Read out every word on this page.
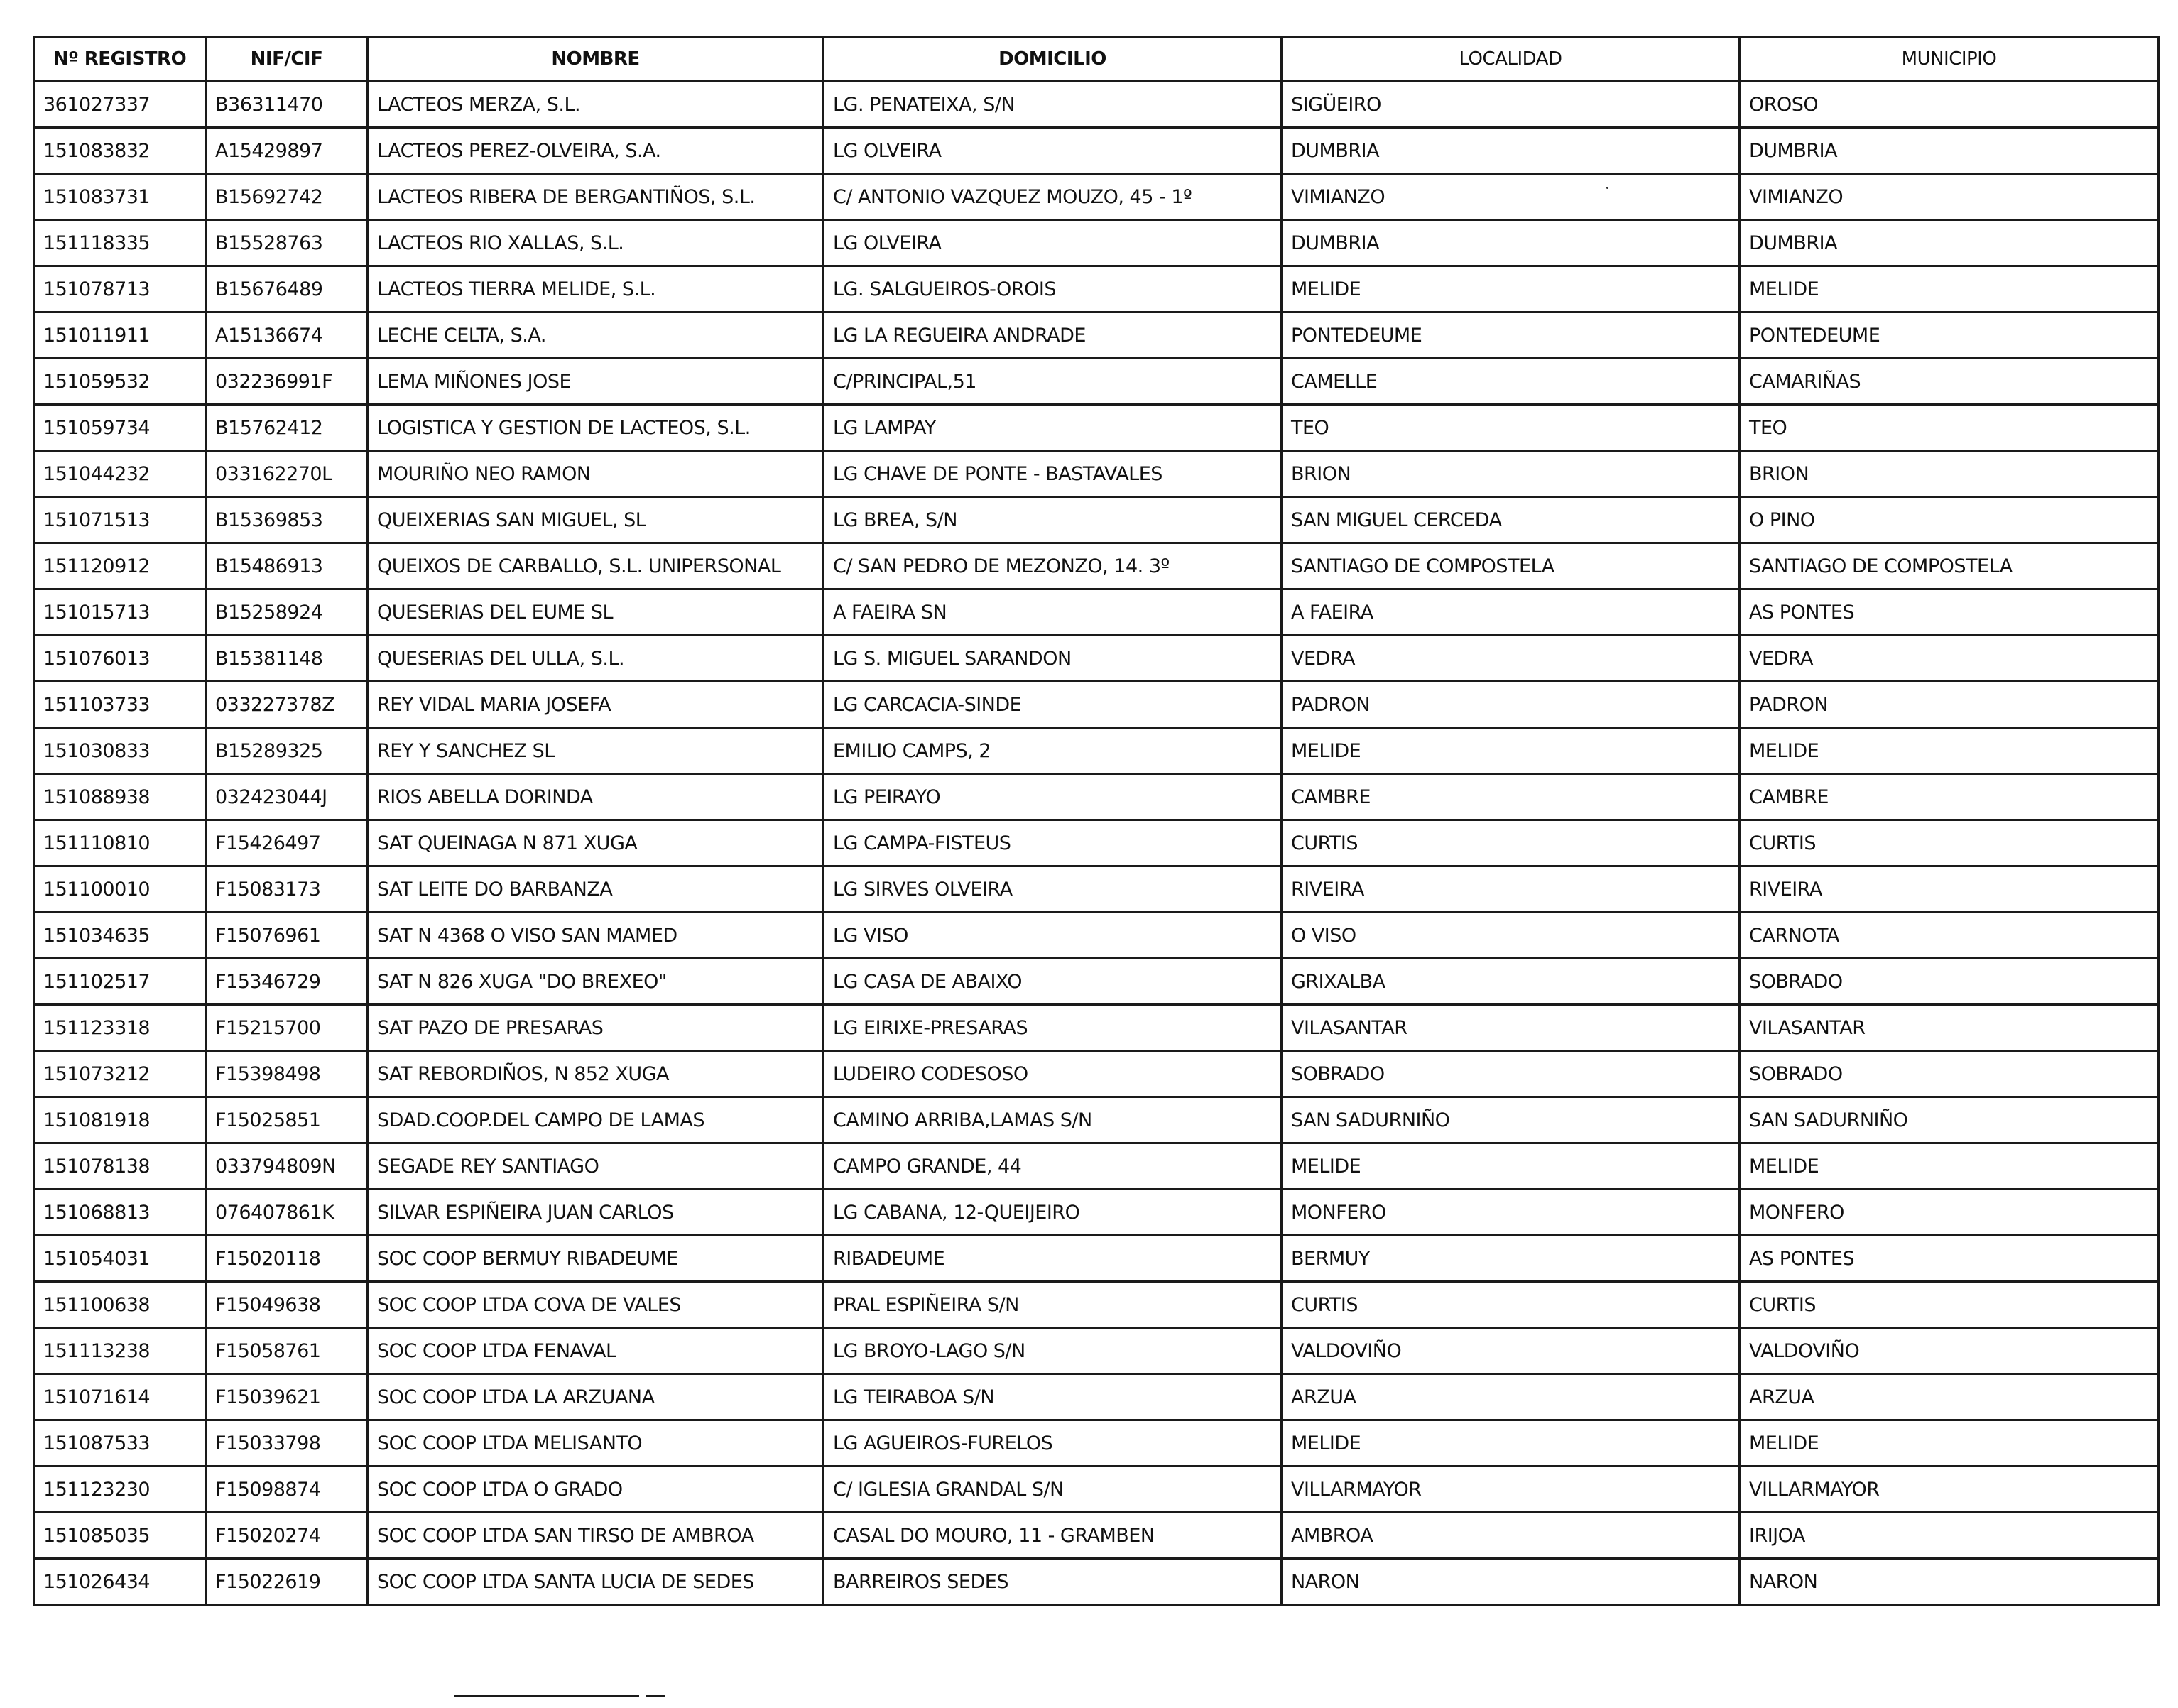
Nº REGISTRO	NIF/CIF	NOMBRE	DOMICILIO	LOCALIDAD	MUNICIPIO
361027337	B36311470	LACTEOS MERZA, S.L.	LG. PENATEIXA, S/N	SIGÜEIRO	OROSO
151083832	A15429897	LACTEOS PEREZ-OLVEIRA, S.A.	LG OLVEIRA	DUMBRIA	DUMBRIA
151083731	B15692742	LACTEOS RIBERA DE BERGANTIÑOS, S.L.	C/ ANTONIO VAZQUEZ MOUZO, 45 - 1º	VIMIANZO	VIMIANZO
151118335	B15528763	LACTEOS RIO XALLAS, S.L.	LG OLVEIRA	DUMBRIA	DUMBRIA
151078713	B15676489	LACTEOS TIERRA MELIDE, S.L.	LG. SALGUEIROS-OROIS	MELIDE	MELIDE
151011911	A15136674	LECHE CELTA, S.A.	LG LA REGUEIRA ANDRADE	PONTEDEUME	PONTEDEUME
151059532	032236991F	LEMA MIÑONES JOSE	C/PRINCIPAL,51	CAMELLE	CAMARIÑAS
151059734	B15762412	LOGISTICA Y GESTION DE LACTEOS, S.L.	LG LAMPAY	TEO	TEO
151044232	033162270L	MOURIÑO NEO RAMON	LG CHAVE DE PONTE - BASTAVALES	BRION	BRION
151071513	B15369853	QUEIXERIAS SAN MIGUEL, SL	LG BREA, S/N	SAN MIGUEL CERCEDA	O PINO
151120912	B15486913	QUEIXOS DE CARBALLO, S.L. UNIPERSONAL	C/ SAN PEDRO DE MEZONZO, 14. 3º	SANTIAGO DE COMPOSTELA	SANTIAGO DE COMPOSTELA
151015713	B15258924	QUESERIAS DEL EUME SL	A FAEIRA SN	A FAEIRA	AS PONTES
151076013	B15381148	QUESERIAS DEL ULLA, S.L.	LG S. MIGUEL SARANDON	VEDRA	VEDRA
151103733	033227378Z	REY VIDAL MARIA JOSEFA	LG CARCACIA-SINDE	PADRON	PADRON
151030833	B15289325	REY Y SANCHEZ SL	EMILIO CAMPS, 2	MELIDE	MELIDE
151088938	032423044J	RIOS ABELLA DORINDA	LG PEIRAYO	CAMBRE	CAMBRE
151110810	F15426497	SAT QUEINAGA N 871 XUGA	LG CAMPA-FISTEUS	CURTIS	CURTIS
151100010	F15083173	SAT LEITE DO BARBANZA	LG SIRVES OLVEIRA	RIVEIRA	RIVEIRA
151034635	F15076961	SAT N 4368 O VISO SAN MAMED	LG VISO	O VISO	CARNOTA
151102517	F15346729	SAT N 826 XUGA "DO BREXEO"	LG CASA DE ABAIXO	GRIXALBA	SOBRADO
151123318	F15215700	SAT PAZO DE PRESARAS	LG EIRIXE-PRESARAS	VILASANTAR	VILASANTAR
151073212	F15398498	SAT REBORDIÑOS, N 852 XUGA	LUDEIRO CODESOSO	SOBRADO	SOBRADO
151081918	F15025851	SDAD.COOP.DEL CAMPO DE LAMAS	CAMINO ARRIBA,LAMAS S/N	SAN SADURNIÑO	SAN SADURNIÑO
151078138	033794809N	SEGADE REY SANTIAGO	CAMPO GRANDE, 44	MELIDE	MELIDE
151068813	076407861K	SILVAR ESPIÑEIRA JUAN CARLOS	LG CABANA, 12-QUEIJEIRO	MONFERO	MONFERO
151054031	F15020118	SOC COOP BERMUY RIBADEUME	RIBADEUME	BERMUY	AS PONTES
151100638	F15049638	SOC COOP LTDA COVA DE VALES	PRAL ESPIÑEIRA S/N	CURTIS	CURTIS
151113238	F15058761	SOC COOP LTDA FENAVAL	LG BROYO-LAGO S/N	VALDOVIÑO	VALDOVIÑO
151071614	F15039621	SOC COOP LTDA LA ARZUANA	LG TEIRABOA S/N	ARZUA	ARZUA
151087533	F15033798	SOC COOP LTDA MELISANTO	LG AGUEIROS-FURELOS	MELIDE	MELIDE
151123230	F15098874	SOC COOP LTDA O GRADO	C/ IGLESIA GRANDAL S/N	VILLARMAYOR	VILLARMAYOR
151085035	F15020274	SOC COOP LTDA SAN TIRSO DE AMBROA	CASAL DO MOURO, 11 - GRAMBEN	AMBROA	IRIJOA
151026434	F15022619	SOC COOP LTDA SANTA LUCIA DE SEDES	BARREIROS SEDES	NARON	NARON
